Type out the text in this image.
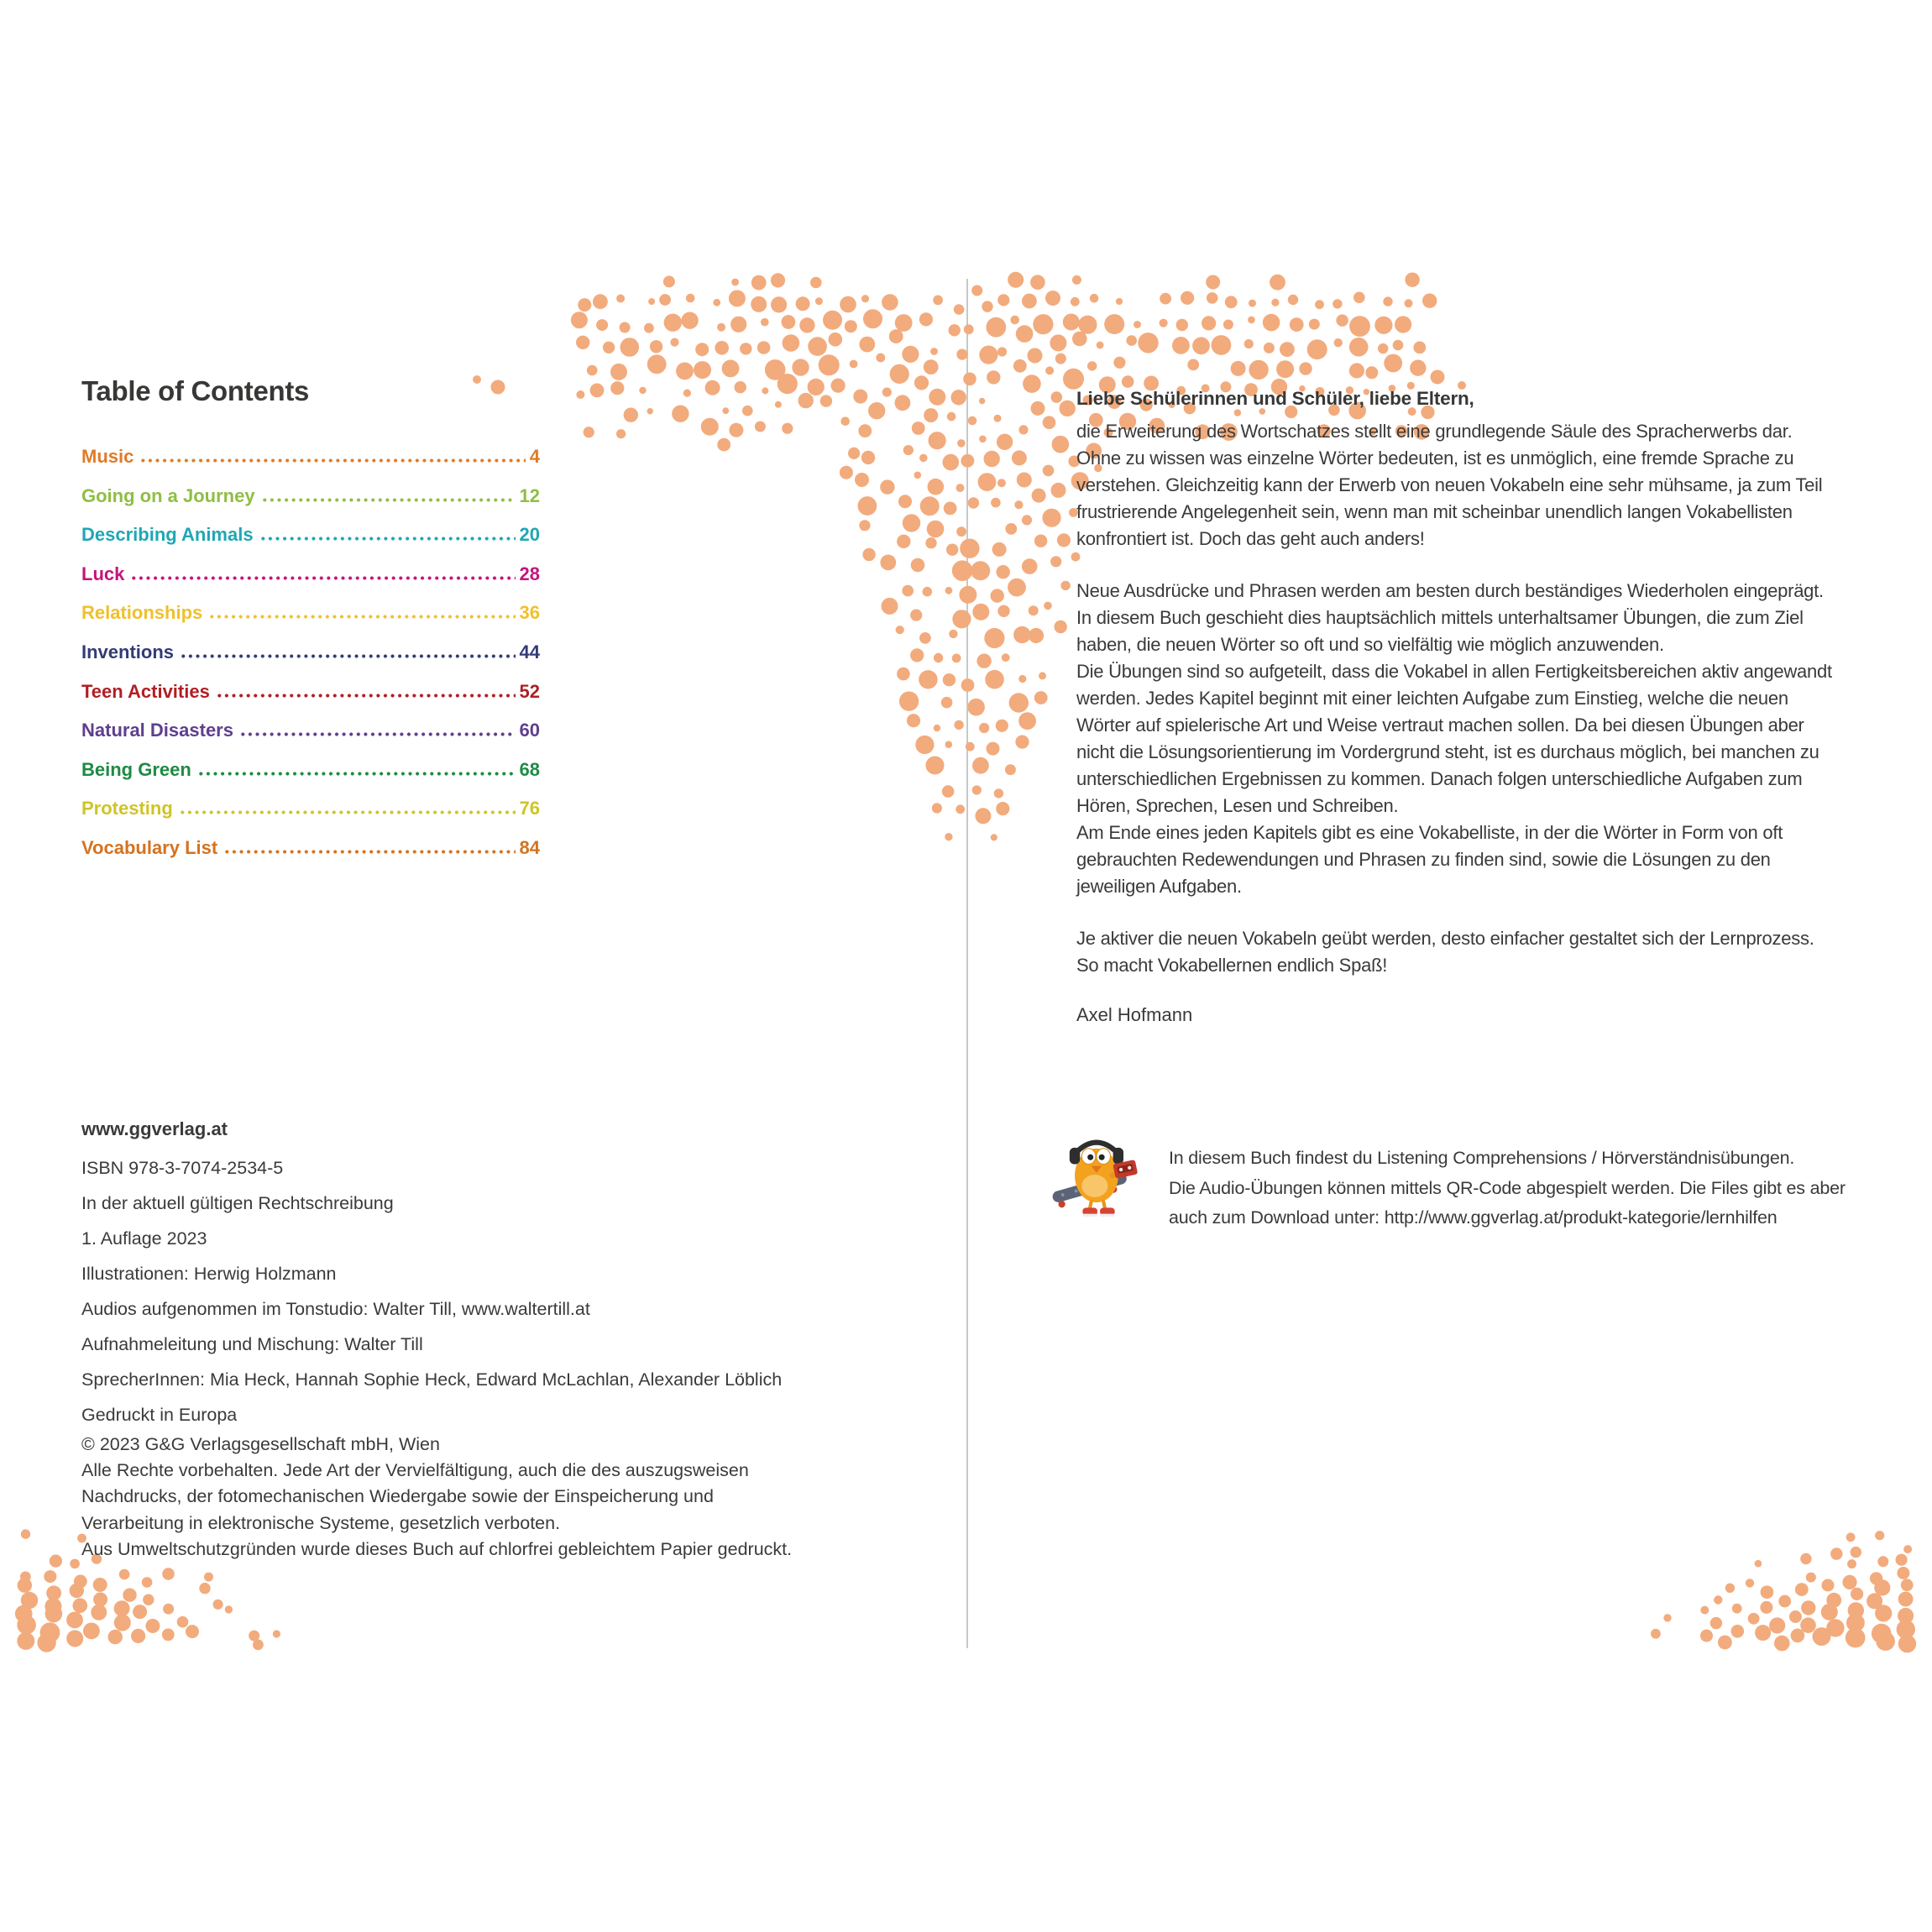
Table of Contents
Music	4
Going on a Journey	12
Describing Animals	20
Luck	28
Relationships	36
Inventions	44
Teen Activities	52
Natural Disasters	60
Being Green	68
Protesting	76
Vocabulary List	84
www.ggverlag.at
ISBN 978-3-7074-2534-5
In der aktuell gültigen Rechtschreibung
1. Auflage 2023
Illustrationen: Herwig Holzmann
Audios aufgenommen im Tonstudio: Walter Till, www.waltertill.at
Aufnahmeleitung und Mischung: Walter Till
SprecherInnen: Mia Heck, Hannah Sophie Heck, Edward McLachlan, Alexander Löblich
Gedruckt in Europa
© 2023 G&G Verlagsgesellschaft mbH, Wien
Alle Rechte vorbehalten. Jede Art der Vervielfältigung, auch die des auszugsweisen
Nachdrucks, der fotomechanischen Wiedergabe sowie der Einspeicherung und
Verarbeitung in elektronische Systeme, gesetzlich verboten.
Aus Umweltschutzgründen wurde dieses Buch auf chlorfrei gebleichtem Papier gedruckt.
Liebe Schülerinnen und Schüler, liebe Eltern,
die Erweiterung des Wortschatzes stellt eine grundlegende Säule des Spracherwerbs dar.
Ohne zu wissen was einzelne Wörter bedeuten, ist es unmöglich, eine fremde Sprache zu
verstehen. Gleichzeitig kann der Erwerb von neuen Vokabeln eine sehr mühsame, ja zum Teil
frustrierende Angelegenheit sein, wenn man mit scheinbar unendlich langen Vokabellisten
konfrontiert ist. Doch das geht auch anders!
Neue Ausdrücke und Phrasen werden am besten durch beständiges Wiederholen eingeprägt.
In diesem Buch geschieht dies hauptsächlich mittels unterhaltsamer Übungen, die zum Ziel
haben, die neuen Wörter so oft und so vielfältig wie möglich anzuwenden.
Die Übungen sind so aufgeteilt, dass die Vokabel in allen Fertigkeitsbereichen aktiv angewandt
werden. Jedes Kapitel beginnt mit einer leichten Aufgabe zum Einstieg, welche die neuen
Wörter auf spielerische Art und Weise vertraut machen sollen. Da bei diesen Übungen aber
nicht die Lösungsorientierung im Vordergrund steht, ist es durchaus möglich, bei manchen zu
unterschiedlichen Ergebnissen zu kommen. Danach folgen unterschiedliche Aufgaben zum
Hören, Sprechen, Lesen und Schreiben.
Am Ende eines jeden Kapitels gibt es eine Vokabelliste, in der die Wörter in Form von oft
gebrauchten Redewendungen und Phrasen zu finden sind, sowie die Lösungen zu den
jeweiligen Aufgaben.
Je aktiver die neuen Vokabeln geübt werden, desto einfacher gestaltet sich der Lernprozess.
So macht Vokabellernen endlich Spaß!
Axel Hofmann
In diesem Buch findest du Listening Comprehensions / Hörverständnisübungen.
Die Audio-Übungen können mittels QR-Code abgespielt werden. Die Files gibt es aber
auch zum Download unter: http://www.ggverlag.at/produkt-kategorie/lernhilfen
